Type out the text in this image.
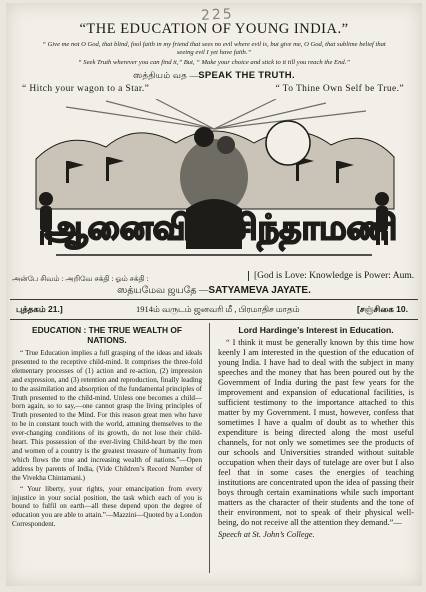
225
“THE EDUCATION OF YOUNG INDIA.”
“ Give me not O God, that blind, fool faith in my friend that sees no evil where evil is, but give me, O God, that sublime belief that seeing evil I yet have faith.”
“ Seek Truth wherever you can find it,” But, “ Make your choice and stick to it till you reach the End.”
ஸத்தியம் வத —SPEAK THE TRUTH.
“ Hitch your wagon to a Star.”	“ To Thine Own Self be True.”
ஆனைவி சிந்தாமணி
அன்பே சிவம் : அறிவே சக்தி : ஓம் சக்தி :	[God is Love: Knowledge is Power: Aum.
ஸத்யமேவ ஜயதே —SATYAMEVA JAYATE.
புத்தகம் 21.]	1914ம் வருடம் ஜனவரி மீ , பிரமாதிச மாதம்	[சஞ்சிகை 10.
EDUCATION : THE TRUE WEALTH OF NATIONS.

“ True Education implies a full grasping of the ideas and ideals presented to the receptive child-mind. It comprises the three-fold elementary processes of (1) action and re-action, (2) impression and expression, and (3) retention and reproduction, finally leading to the assimilation and absorption of the fundamental principles of Truth presented to the child-mind. Unless one becomes a child—born again, so to say,—one cannot grasp the living principles of Truth presented to the Mind. For this reason great men who have to be in constant touch with the world, attuning themselves to the ever-changing conditions of its growth, do not lose their child-heart. This possession of the ever-living Child-heart by the men and women of a country is the greatest treasure of humanity from which flows the true and increasing wealth of nations.”—Open address by parents of India, (Vide Children’s Record Number of the Vivekha Chintamani.)

“ Your liberty, your rights, your emancipation from every injustice in your social position, the task which each of you is bound to fulfil on earth—all these depend upon the degree of education you are able to attain.”—Mazzini—Quoted by a London Correspondent.

Lord Hardinge’s Interest in Education.

“ I think it must be generally known by this time how keenly I am interested in the question of the education of young India. I have had to deal with the subject in many speeches and the money that has been poured out by the Government of India during the past few years for the improvement and expansion of educational facilities, is sufficient testimony to the importance attached to this matter by my Government. I must, however, confess that sometimes I have a qualm of doubt as to whether this expenditure is being directed along the most useful channels, for not only we sometimes see the products of our schools and Universities stranded without suitable occupation when their days of tutelage are over but I also feel that in some cases the energies of teaching institutions are concentrated upon the idea of passing their boys through certain examinations while such important matters as the character of their students and the tone of their environment, not to speak of their physical well-being, do not receive all the attention they demand.”—

Speech at St. John’s College.
